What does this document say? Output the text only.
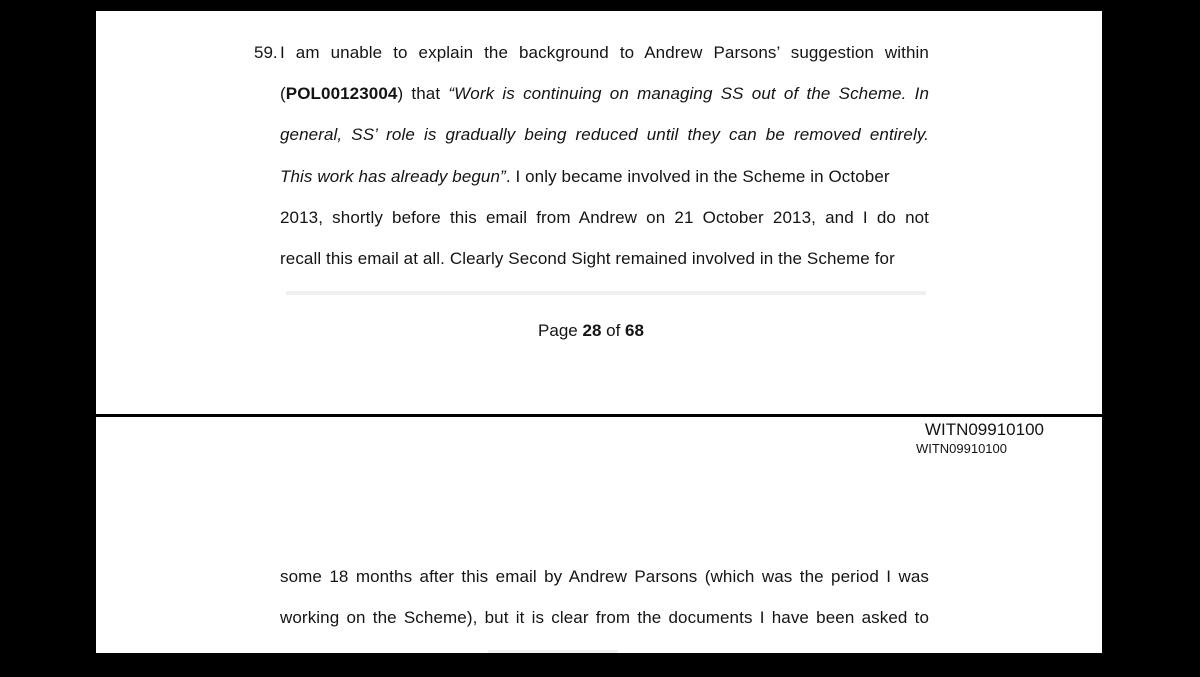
59. I am unable to explain the background to Andrew Parsons’ suggestion within
(POL00123004) that “Work is continuing on managing SS out of the Scheme. In
general, SS’ role is gradually being reduced until they can be removed entirely.
This work has already begun”. I only became involved in the Scheme in October
2013, shortly before this email from Andrew on 21 October 2013, and I do not
recall this email at all. Clearly Second Sight remained involved in the Scheme for
Page 28 of 68
WITN09910100
WITN09910100
some 18 months after this email by Andrew Parsons (which was the period I was
working on the Scheme), but it is clear from the documents I have been asked to
